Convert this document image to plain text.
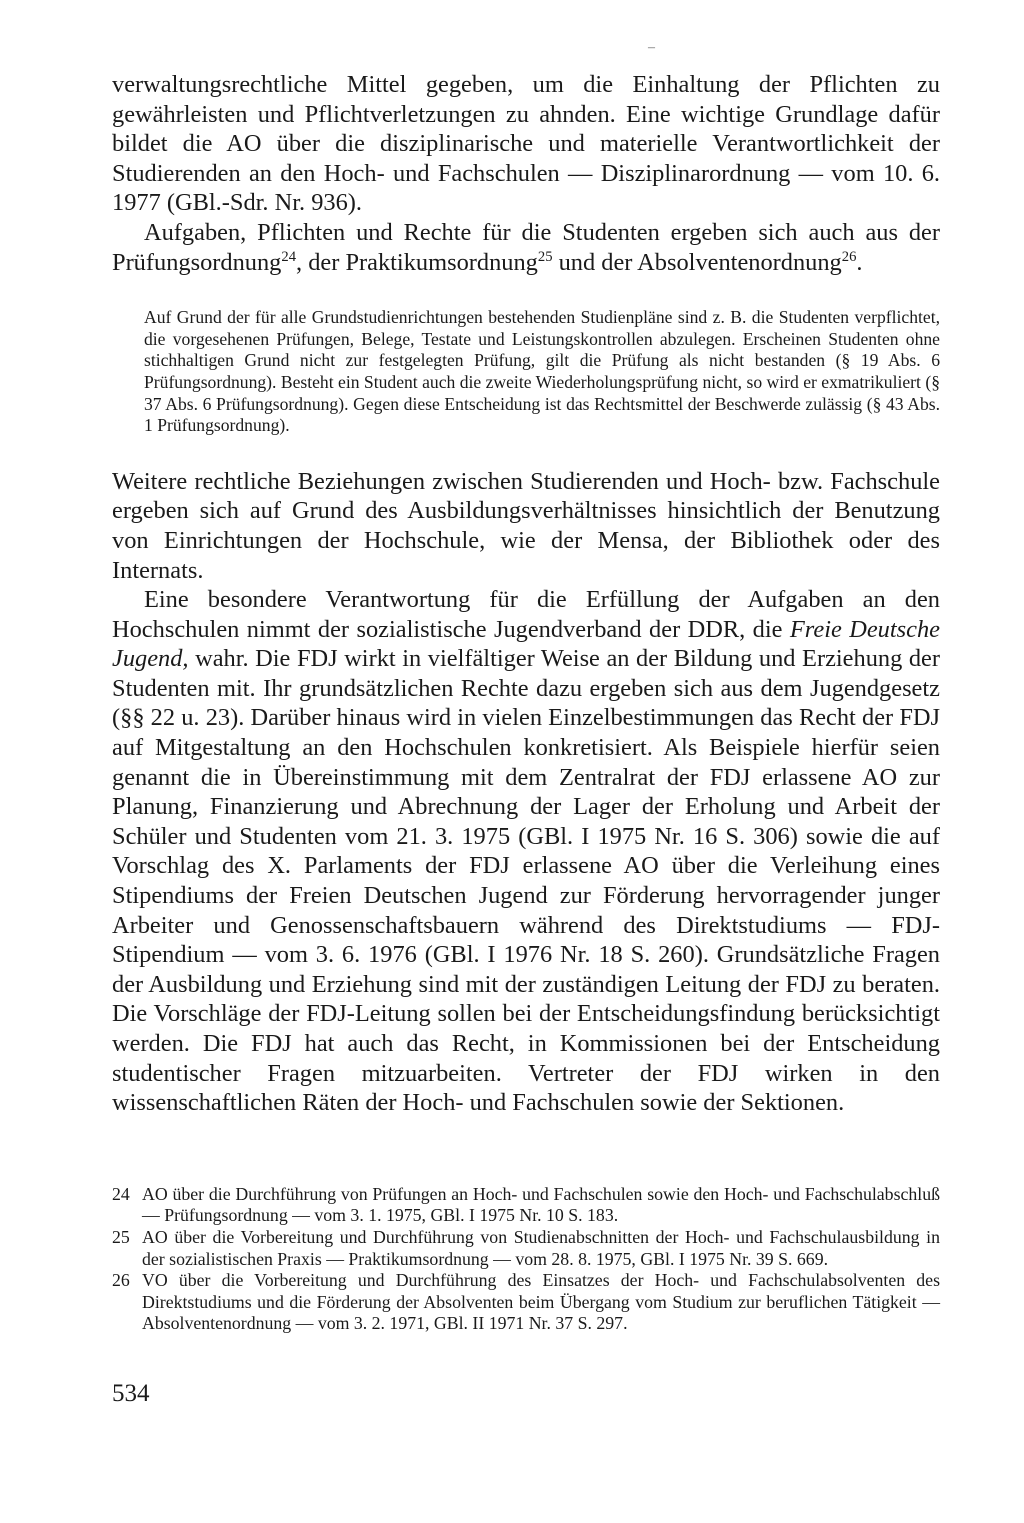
–

verwaltungsrechtliche Mittel gegeben, um die Einhaltung der Pflichten zu gewährleisten und Pflichtverletzungen zu ahnden. Eine wichtige Grundlage dafür bildet die AO über die disziplinarische und materielle Verantwortlichkeit der Studierenden an den Hoch- und Fachschulen — Disziplinarordnung — vom 10. 6. 1977 (GBl.-Sdr. Nr. 936).

Aufgaben, Pflichten und Rechte für die Studenten ergeben sich auch aus der Prüfungsordnung$^{24}$, der Praktikumsordnung$^{25}$ und der Absolventenordnung$^{26}$.

Auf Grund der für alle Grundstudienrichtungen bestehenden Studienpläne sind z. B. die Studenten verpflichtet, die vorgesehenen Prüfungen, Belege, Testate und Leistungskontrollen abzulegen. Erscheinen Studenten ohne stichhaltigen Grund nicht zur festgelegten Prüfung, gilt die Prüfung als nicht bestanden (§ 19 Abs. 6 Prüfungsordnung). Besteht ein Student auch die zweite Wiederholungsprüfung nicht, so wird er exmatrikuliert (§ 37 Abs. 6 Prüfungsordnung). Gegen diese Entscheidung ist das Rechtsmittel der Beschwerde zulässig (§ 43 Abs. 1 Prüfungsordnung).

Weitere rechtliche Beziehungen zwischen Studierenden und Hoch- bzw. Fachschule ergeben sich auf Grund des Ausbildungsverhältnisses hinsichtlich der Benutzung von Einrichtungen der Hochschule, wie der Mensa, der Bibliothek oder des Internats.

Eine besondere Verantwortung für die Erfüllung der Aufgaben an den Hochschulen nimmt der sozialistische Jugendverband der DDR, die Freie Deutsche Jugend, wahr. Die FDJ wirkt in vielfältiger Weise an der Bildung und Erziehung der Studenten mit. Ihr grundsätzlichen Rechte dazu ergeben sich aus dem Jugendgesetz (§§ 22 u. 23). Darüber hinaus wird in vielen Einzelbestimmungen das Recht der FDJ auf Mitgestaltung an den Hochschulen konkretisiert. Als Beispiele hierfür seien genannt die in Übereinstimmung mit dem Zentralrat der FDJ erlassene AO zur Planung, Finanzierung und Abrechnung der Lager der Erholung und Arbeit der Schüler und Studenten vom 21. 3. 1975 (GBl. I 1975 Nr. 16 S. 306) sowie die auf Vorschlag des X. Parlaments der FDJ erlassene AO über die Verleihung eines Stipendiums der Freien Deutschen Jugend zur Förderung hervorragender junger Arbeiter und Genossenschaftsbauern während des Direktstudiums — FDJ-Stipendium — vom 3. 6. 1976 (GBl. I 1976 Nr. 18 S. 260). Grundsätzliche Fragen der Ausbildung und Erziehung sind mit der zuständigen Leitung der FDJ zu beraten. Die Vorschläge der FDJ-Leitung sollen bei der Entscheidungsfindung berücksichtigt werden. Die FDJ hat auch das Recht, in Kommissionen bei der Entscheidung studentischer Fragen mitzuarbeiten. Vertreter der FDJ wirken in den wissenschaftlichen Räten der Hoch- und Fachschulen sowie der Sektionen.

24 AO über die Durchführung von Prüfungen an Hoch- und Fachschulen sowie den Hoch- und Fachschulabschluß — Prüfungsordnung — vom 3. 1. 1975, GBl. I 1975 Nr. 10 S. 183.
25 AO über die Vorbereitung und Durchführung von Studienabschnitten der Hoch- und Fachschulausbildung in der sozialistischen Praxis — Praktikumsordnung — vom 28. 8. 1975, GBl. I 1975 Nr. 39 S. 669.
26 VO über die Vorbereitung und Durchführung des Einsatzes der Hoch- und Fachschulabsolventen des Direktstudiums und die Förderung der Absolventen beim Übergang vom Studium zur beruflichen Tätigkeit — Absolventenordnung — vom 3. 2. 1971, GBl. II 1971 Nr. 37 S. 297.
534
